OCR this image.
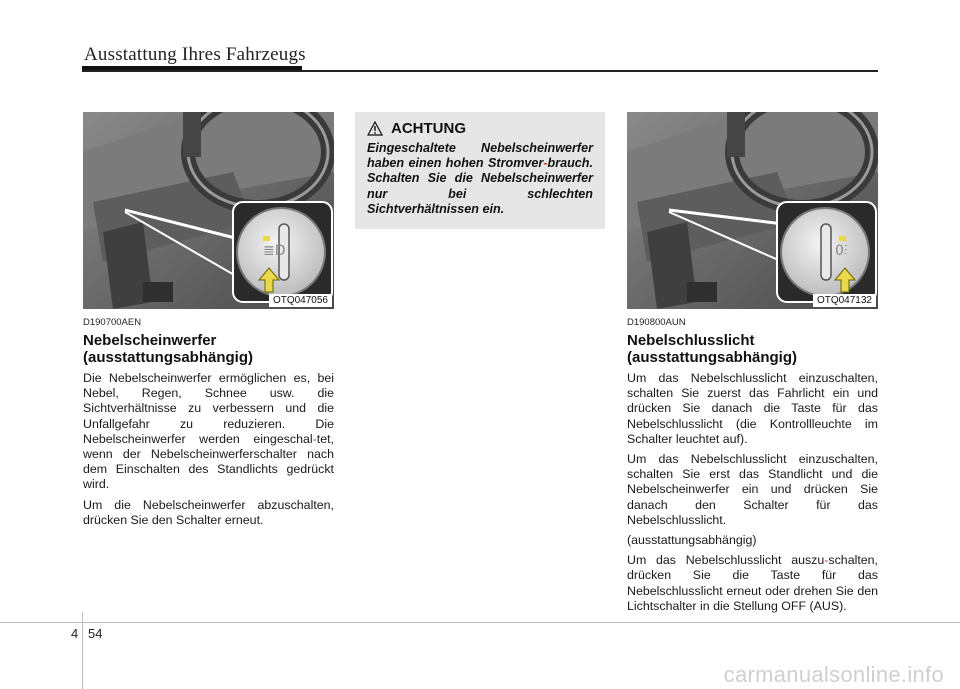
Ausstattung Ihres Fahrzeugs
≣D
OTQ047056
D190700AEN
Nebelscheinwerfer
(ausstattungsabhängig)
Die Nebelscheinwerfer ermöglichen es, bei Nebel, Regen, Schnee usw. die Sichtverhältnisse zu verbessern und die Unfallgefahr zu reduzieren. Die Nebelscheinwerfer werden eingeschal-tet, wenn der Nebelscheinwerferschalter nach dem Einschalten des Standlichts gedrückt wird.
Um die Nebelscheinwerfer abzuschalten, drücken Sie den Schalter erneut.
ACHTUNG
Eingeschaltete Nebelscheinwerfer haben einen hohen Stromver-brauch. Schalten Sie die Nebelscheinwerfer nur bei schlechten Sichtverhältnissen ein.
0⫶
OTQ047132
D190800AUN
Nebelschlusslicht
(ausstattungsabhängig)
Um das Nebelschlusslicht einzuschalten, schalten Sie zuerst das Fahrlicht ein und drücken Sie danach die Taste für das Nebelschlusslicht (die Kontrollleuchte im Schalter leuchtet auf).
Um das Nebelschlusslicht einzuschalten, schalten Sie erst das Standlicht und die Nebelscheinwerfer ein und drücken Sie danach den Schalter für das Nebelschlusslicht.
(ausstattungsabhängig)
Um das Nebelschlusslicht auszu-schalten, drücken Sie die Taste für das Nebelschlusslicht erneut oder drehen Sie den Lichtschalter in die Stellung OFF (AUS).
4 54
carmanualsonline.info
